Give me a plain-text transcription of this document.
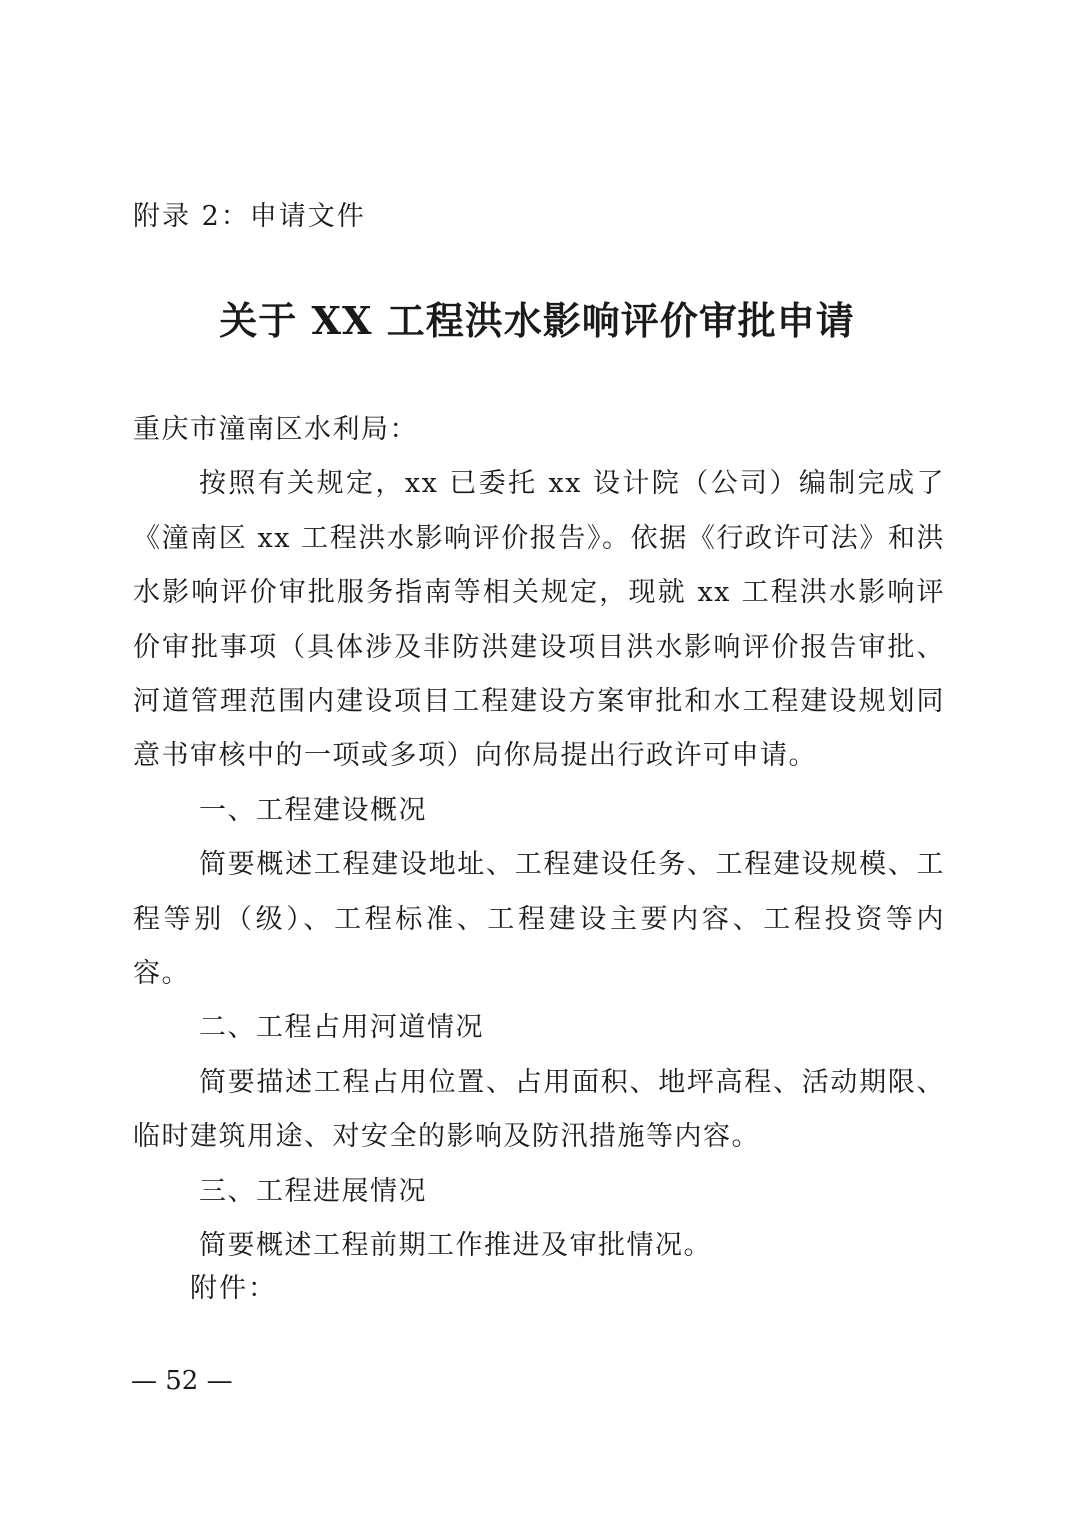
附录 2：申请文件
关于 XX 工程洪水影响评价审批申请

重庆市潼南区水利局：

按照有关规定，xx 已委托 xx 设计院（公司）编制完成了《潼南区 xx 工程洪水影响评价报告》。依据《行政许可法》和洪水影响评价审批服务指南等相关规定，现就 xx 工程洪水影响评价审批事项（具体涉及非防洪建设项目洪水影响评价报告审批、河道管理范围内建设项目工程建设方案审批和水工程建设规划同意书审核中的一项或多项）向你局提出行政许可申请。

一、工程建设概况

简要概述工程建设地址、工程建设任务、工程建设规模、工程等别（级）、工程标准、工程建设主要内容、工程投资等内容。

二、工程占用河道情况

简要描述工程占用位置、占用面积、地坪高程、活动期限、临时建筑用途、对安全的影响及防汛措施等内容。

三、工程进展情况

简要概述工程前期工作推进及审批情况。

附件：
— 52 —
